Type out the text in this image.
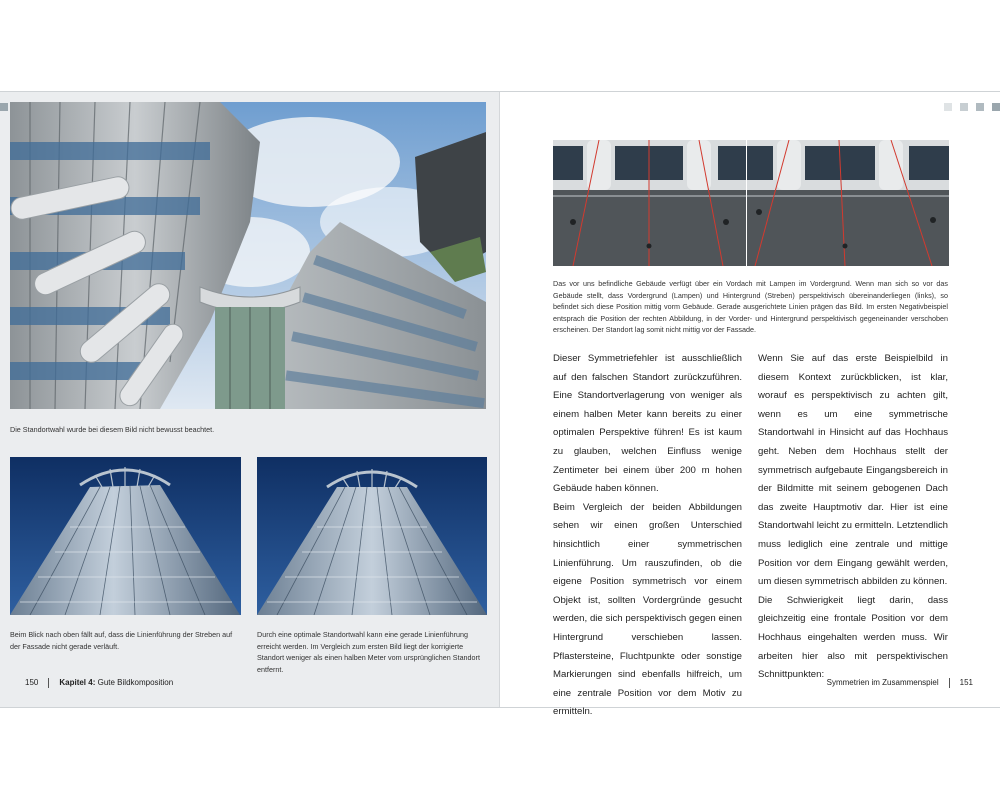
Die Standortwahl wurde bei diesem Bild nicht bewusst beachtet.
Beim Blick nach oben fällt auf, dass die Linienführung der Streben auf der Fassade nicht gerade verläuft.
Durch eine optimale Standortwahl kann eine gerade Linienführung erreicht werden. Im Vergleich zum ersten Bild liegt der korrigierte Standort weniger als einen halben Meter vom ursprünglichen Standort entfernt.
150	Kapitel 4: Gute Bildkomposition
Das vor uns befindliche Gebäude verfügt über ein Vordach mit Lampen im Vordergrund. Wenn man sich so vor das Gebäude stellt, dass Vordergrund (Lampen) und Hintergrund (Streben) perspektivisch übereinanderliegen (links), so befindet sich diese Position mittig vorm Gebäude. Gerade ausgerichtete Linien prägen das Bild. Im ersten Negativbeispiel entsprach die Position der rechten Abbildung, in der Vorder- und Hintergrund perspektivisch gegeneinander verschoben erscheinen. Der Standort lag somit nicht mittig vor der Fassade.

Dieser Symmetriefehler ist ausschließlich auf den falschen Standort zurückzuführen. Eine Standortverlagerung von weniger als einem halben Meter kann bereits zu einer optimalen Perspektive führen! Es ist kaum zu glauben, welchen Einfluss wenige Zentimeter bei einem über 200 m hohen Gebäude haben können.

Beim Vergleich der beiden Abbildungen sehen wir einen großen Unterschied hinsichtlich einer symmetrischen Linienführung. Um rauszufinden, ob die eigene Position symmetrisch vor einem Objekt ist, sollten Vordergründe gesucht werden, die sich perspektivisch gegen einen Hintergrund verschieben lassen. Pflastersteine, Fluchtpunkte oder sonstige Markierungen sind ebenfalls hilfreich, um eine zentrale Position vor dem Motiv zu ermitteln.

Wenn Sie auf das erste Beispielbild in diesem Kontext zurückblicken, ist klar, worauf es perspektivisch zu achten gilt, wenn es um eine symmetrische Standortwahl in Hinsicht auf das Hochhaus geht. Neben dem Hochhaus stellt der symmetrisch aufgebaute Eingangsbereich in der Bildmitte mit seinem gebogenen Dach das zweite Hauptmotiv dar. Hier ist eine Standortwahl leicht zu ermitteln. Letztendlich muss lediglich eine zentrale und mittige Position vor dem Eingang gewählt werden, um diesen symmetrisch abbilden zu können.

Die Schwierigkeit liegt darin, dass gleichzeitig eine frontale Position vor dem Hochhaus eingehalten werden muss. Wir arbeiten hier also mit perspektivischen Schnittpunkten:

Symmetrien im Zusammenspiel	151
